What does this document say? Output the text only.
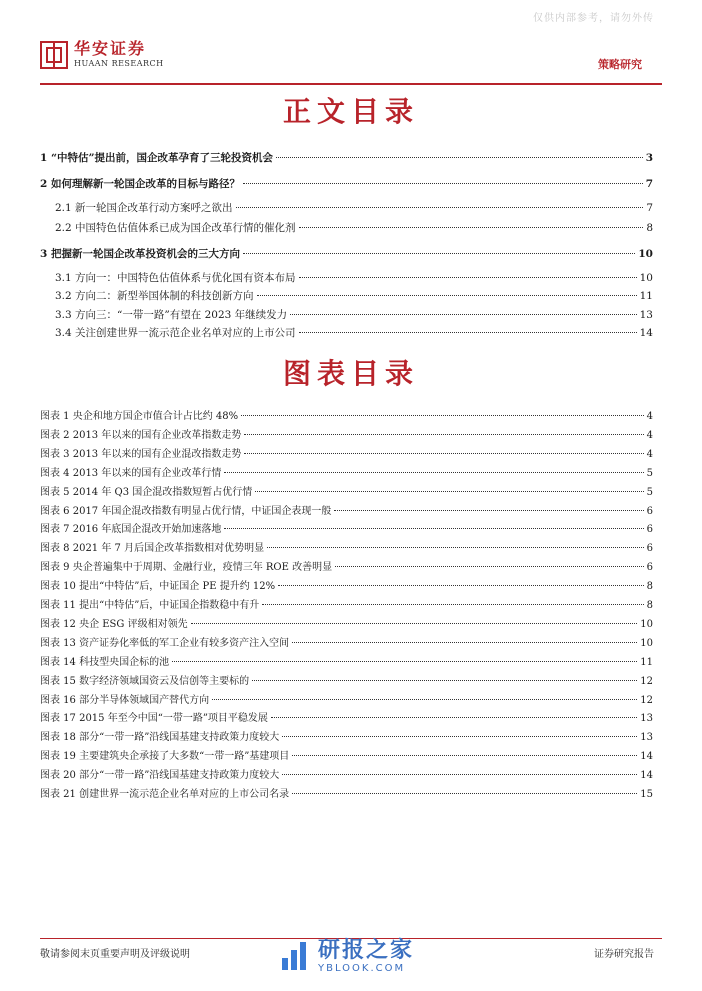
仅供内部参考，请勿外传
华安证券
HUAAN RESEARCH	策略研究
正文目录
1 “中特估”提出前，国企改革孕育了三轮投资机会	3
2 如何理解新一轮国企改革的目标与路径？	7
2.1 新一轮国企改革行动方案呼之欲出	7
2.2 中国特色估值体系已成为国企改革行情的催化剂	8
3 把握新一轮国企改革投资机会的三大方向	10
3.1 方向一：中国特色估值体系与优化国有资本布局	10
3.2 方向二：新型举国体制的科技创新方向	11
3.3 方向三：“一带一路”有望在 2023 年继续发力	13
3.4 关注创建世界一流示范企业名单对应的上市公司	14
图表目录
图表 1 央企和地方国企市值合计占比约 48%	4
图表 2 2013 年以来的国有企业改革指数走势	4
图表 3 2013 年以来的国有企业混改指数走势	4
图表 4 2013 年以来的国有企业改革行情	5
图表 5 2014 年 Q3 国企混改指数短暂占优行情	5
图表 6 2017 年国企混改指数有明显占优行情，中证国企表现一般	6
图表 7 2016 年底国企混改开始加速落地	6
图表 8 2021 年 7 月后国企改革指数相对优势明显	6
图表 9 央企普遍集中于周期、金融行业，疫情三年 ROE 改善明显	6
图表 10 提出“中特估”后，中证国企 PE 提升约 12%	8
图表 11 提出“中特估”后，中证国企指数稳中有升	8
图表 12 央企 ESG 评级相对领先	10
图表 13 资产证券化率低的军工企业有较多资产注入空间	10
图表 14 科技型央国企标的池	11
图表 15 数字经济领域国资云及信创等主要标的	12
图表 16 部分半导体领域国产替代方向	12
图表 17 2015 年至今中国“一带一路”项目平稳发展	13
图表 18 部分“一带一路”沿线国基建支持政策力度较大	13
图表 19 主要建筑央企承接了大多数“一带一路”基建项目	14
图表 20 部分“一带一路”沿线国基建支持政策力度较大	14
图表 21 创建世界一流示范企业名单对应的上市公司名录	15
敬请参阅末页重要声明及评级说明	研报之家
YBLOOK.COM
证券研究报告
